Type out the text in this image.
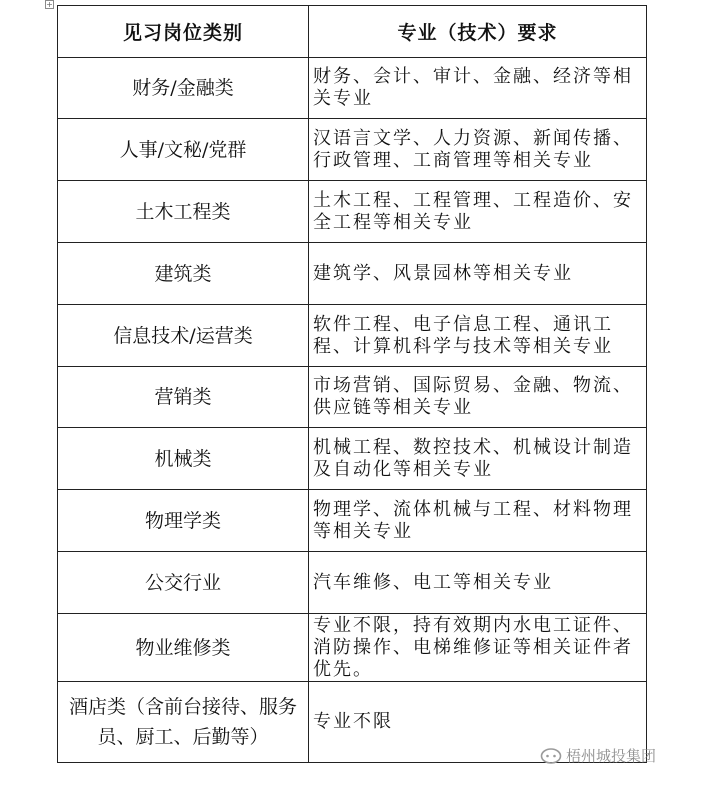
+
见习岗位类别	专业（技术）要求
财务/金融类	财务、会计、审计、金融、经济等相关专业
人事/文秘/党群	汉语言文学、人力资源、新闻传播、行政管理、工商管理等相关专业
土木工程类	土木工程、工程管理、工程造价、安全工程等相关专业
建筑类	建筑学、风景园林等相关专业
信息技术/运营类	软件工程、电子信息工程、通讯工程、计算机科学与技术等相关专业
营销类	市场营销、国际贸易、金融、物流、供应链等相关专业
机械类	机械工程、数控技术、机械设计制造及自动化等相关专业
物理学类	物理学、流体机械与工程、材料物理等相关专业
公交行业	汽车维修、电工等相关专业
物业维修类	专业不限，持有效期内水电工证件、消防操作、电梯维修证等相关证件者优先。
酒店类（含前台接待、服务员、厨工、后勤等）	专业不限
梧州城投集团
